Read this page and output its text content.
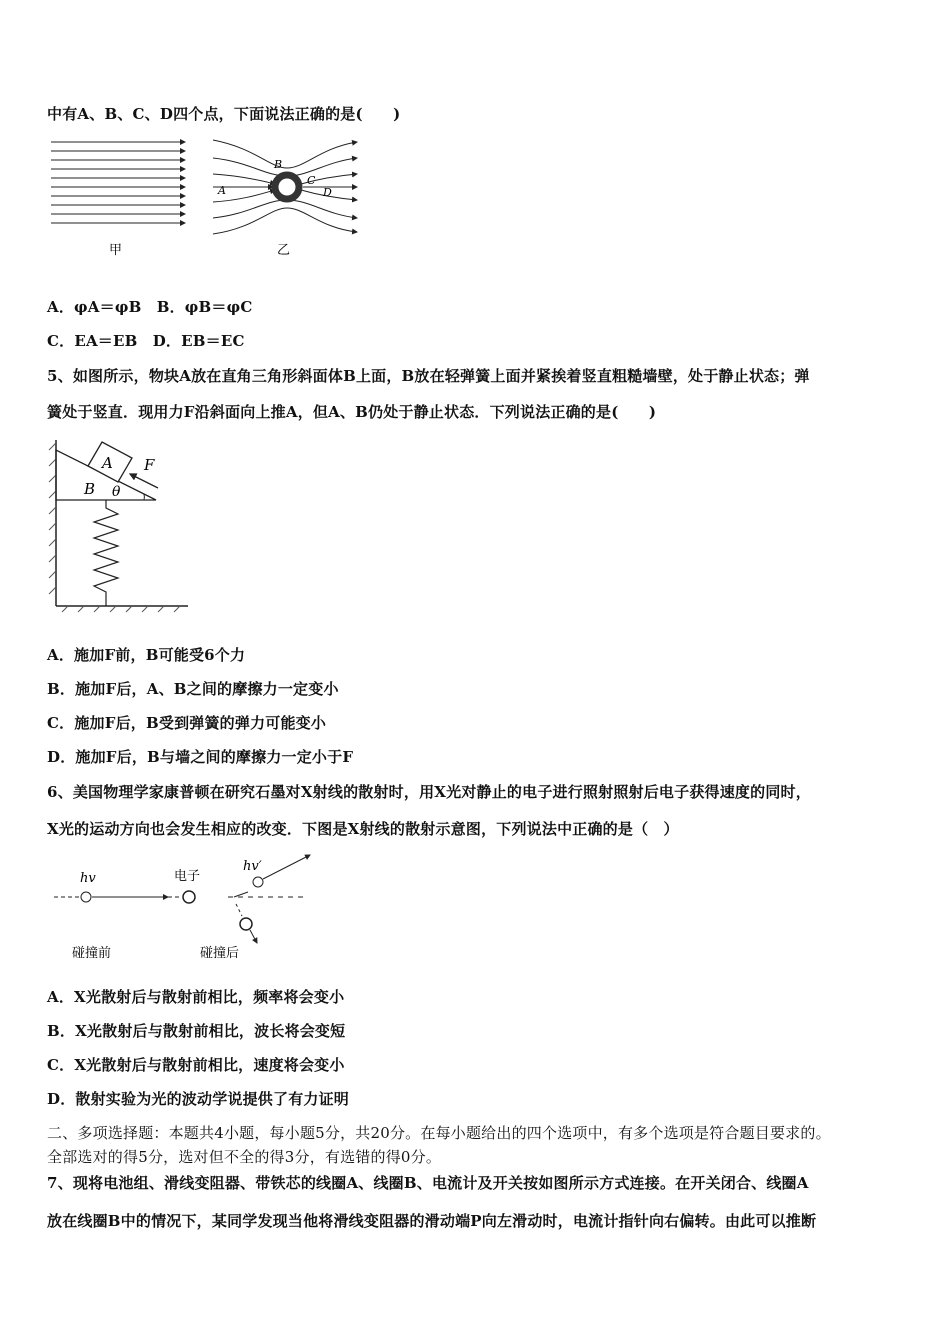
中有A、B、C、D四个点，下面说法正确的是(　　)
A
B
C
D
甲	乙
A．φA＝φB　B．φB＝φC
C．EA＝EB　D．EB＝EC
5、如图所示，物块A放在直角三角形斜面体B上面，B放在轻弹簧上面并紧挨着竖直粗糙墙壁，处于静止状态；弹
簧处于竖直．现用力F沿斜面向上推A，但A、B仍处于静止状态．下列说法正确的是(　　)
A
B θ
F
A．施加F前，B可能受6个力
B．施加F后，A、B之间的摩擦力一定变小
C．施加F后，B受到弹簧的弹力可能变小
D．施加F后，B与墙之间的摩擦力一定小于F
6、美国物理学家康普顿在研究石墨对X射线的散射时，用X光对静止的电子进行照射照射后电子获得速度的同时，
X光的运动方向也会发生相应的改变．下图是X射线的散射示意图，下列说法中正确的是（　）
hv	电子
hv′
碰撞前	碰撞后
A．X光散射后与散射前相比，频率将会变小
B．X光散射后与散射前相比，波长将会变短
C．X光散射后与散射前相比，速度将会变小
D．散射实验为光的波动学说提供了有力证明
二、多项选择题：本题共4小题，每小题5分，共20分。在每小题给出的四个选项中，有多个选项是符合题目要求的。
全部选对的得5分，选对但不全的得3分，有选错的得0分。
7、现将电池组、滑线变阻器、带铁芯的线圈A、线圈B、电流计及开关按如图所示方式连接。在开关闭合、线圈A
放在线圈B中的情况下，某同学发现当他将滑线变阻器的滑动端P向左滑动时，电流计指针向右偏转。由此可以推断
